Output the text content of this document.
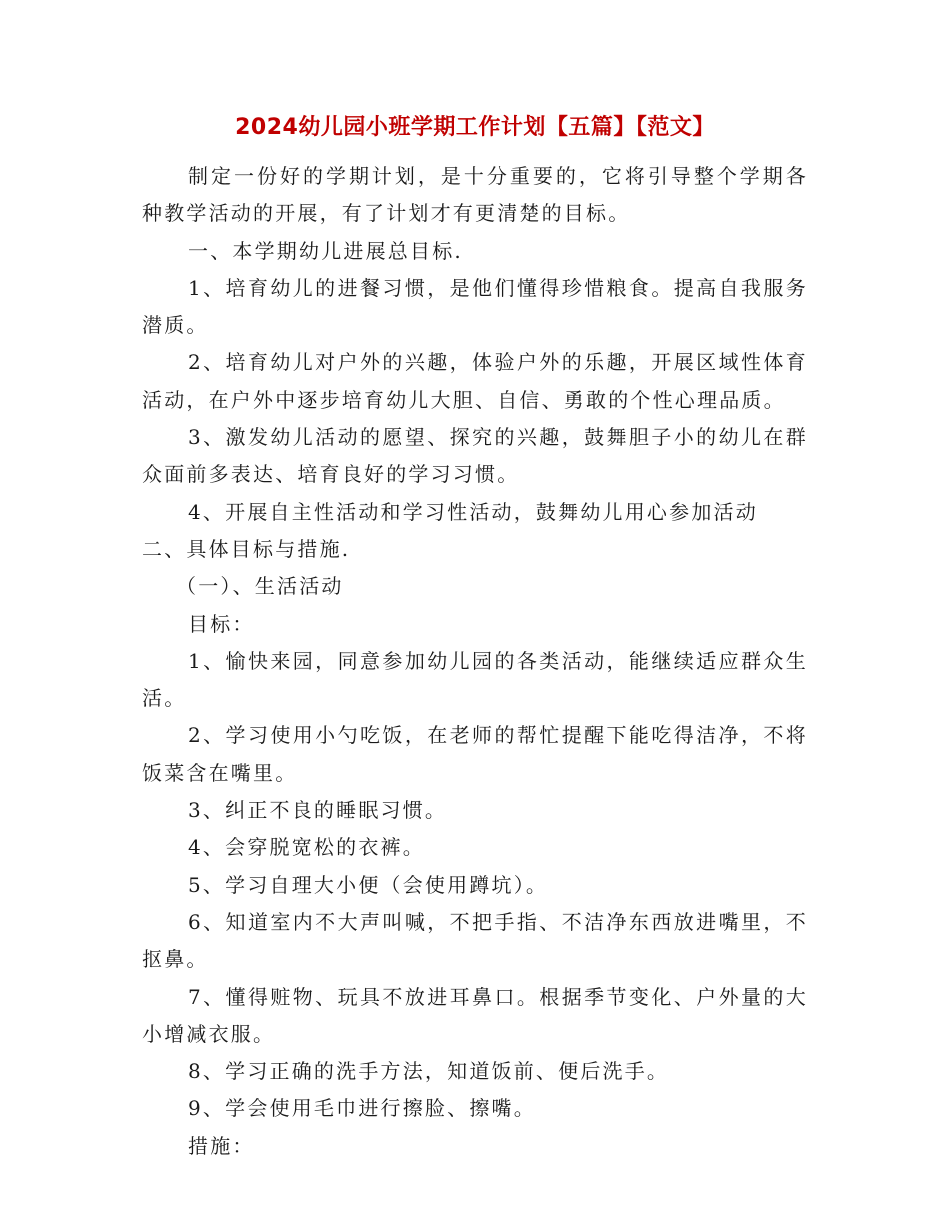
2024幼儿园小班学期工作计划【五篇】【范文】

制定一份好的学期计划，是十分重要的，它将引导整个学期各种教学活动的开展，有了计划才有更清楚的目标。

一、本学期幼儿进展总目标.

1、培育幼儿的进餐习惯，是他们懂得珍惜粮食。提高自我服务潜质。

2、培育幼儿对户外的兴趣，体验户外的乐趣，开展区域性体育活动，在户外中逐步培育幼儿大胆、自信、勇敢的个性心理品质。

3、激发幼儿活动的愿望、探究的兴趣，鼓舞胆子小的幼儿在群众面前多表达、培育良好的学习习惯。

4、开展自主性活动和学习性活动，鼓舞幼儿用心参加活动

二、具体目标与措施.

（一）、生活活动

目标：

1、愉快来园，同意参加幼儿园的各类活动，能继续适应群众生活。

2、学习使用小勺吃饭，在老师的帮忙提醒下能吃得洁净，不将饭菜含在嘴里。

3、纠正不良的睡眠习惯。

4、会穿脱宽松的衣裤。

5、学习自理大小便（会使用蹲坑）。

6、知道室内不大声叫喊，不把手指、不洁净东西放进嘴里，不抠鼻。

7、懂得赃物、玩具不放进耳鼻口。根据季节变化、户外量的大小增减衣服。

8、学习正确的洗手方法，知道饭前、便后洗手。

9、学会使用毛巾进行擦脸、擦嘴。

措施：
